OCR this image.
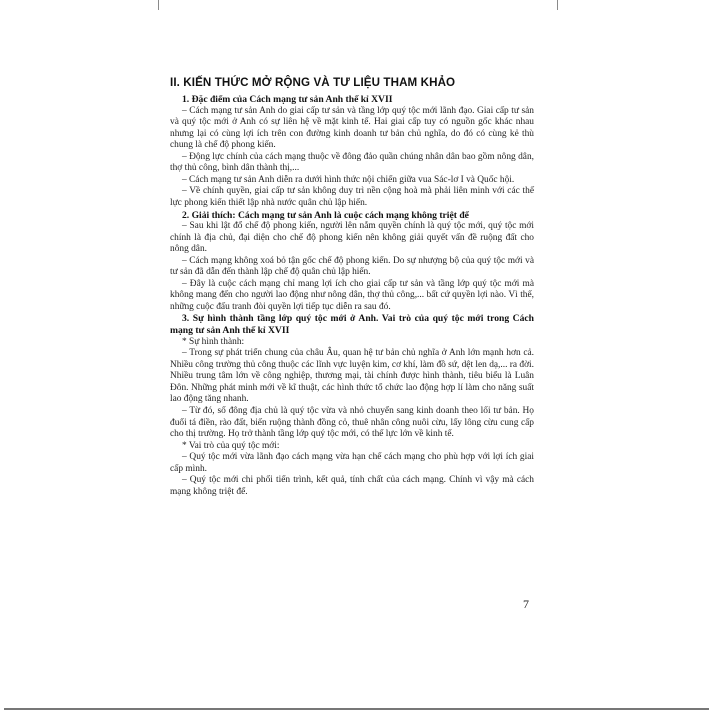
II. KIẾN THỨC MỞ RỘNG VÀ TƯ LIỆU THAM KHẢO

1. Đặc điểm của Cách mạng tư sản Anh thế kỉ XVII

– Cách mạng tư sản Anh do giai cấp tư sản và tầng lớp quý tộc mới lãnh đạo. Giai cấp tư sản và quý tộc mới ở Anh có sự liên hệ về mặt kinh tế. Hai giai cấp tuy có nguồn gốc khác nhau nhưng lại có cùng lợi ích trên con đường kinh doanh tư bản chủ nghĩa, do đó có cùng kẻ thù chung là chế độ phong kiến.

– Động lực chính của cách mạng thuộc về đông đảo quần chúng nhân dân bao gồm nông dân, thợ thủ công, bình dân thành thị,...

– Cách mạng tư sản Anh diễn ra dưới hình thức nội chiến giữa vua Sác-lơ I và Quốc hội.

– Về chính quyền, giai cấp tư sản không duy trì nền cộng hoà mà phải liên minh với các thế lực phong kiến thiết lập nhà nước quân chủ lập hiến.

2. Giải thích: Cách mạng tư sản Anh là cuộc cách mạng không triệt để

– Sau khi lật đổ chế độ phong kiến, người lên nắm quyền chính là quý tộc mới, quý tộc mới chính là địa chủ, đại diện cho chế độ phong kiến nên không giải quyết vấn đề ruộng đất cho nông dân.

– Cách mạng không xoá bỏ tận gốc chế độ phong kiến. Do sự nhượng bộ của quý tộc mới và tư sản đã dẫn đến thành lập chế độ quân chủ lập hiến.

– Đây là cuộc cách mạng chỉ mang lợi ích cho giai cấp tư sản và tầng lớp quý tộc mới mà không mang đến cho người lao động như nông dân, thợ thủ công,... bất cứ quyền lợi nào. Vì thế, những cuộc đấu tranh đòi quyền lợi tiếp tục diễn ra sau đó.

3. Sự hình thành tầng lớp quý tộc mới ở Anh. Vai trò của quý tộc mới trong Cách mạng tư sản Anh thế kỉ XVII

* Sự hình thành:

– Trong sự phát triển chung của châu Âu, quan hệ tư bản chủ nghĩa ở Anh lớn mạnh hơn cả. Nhiều công trường thủ công thuộc các lĩnh vực luyện kim, cơ khí, làm đồ sứ, dệt len dạ,... ra đời. Nhiều trung tâm lớn về công nghiệp, thương mại, tài chính được hình thành, tiêu biểu là Luân Đôn. Những phát minh mới về kĩ thuật, các hình thức tổ chức lao động hợp lí làm cho năng suất lao động tăng nhanh.

– Từ đó, số đông địa chủ là quý tộc vừa và nhỏ chuyển sang kinh doanh theo lối tư bản. Họ đuổi tá điền, rào đất, biến ruộng thành đồng cỏ, thuê nhân công nuôi cừu, lấy lông cừu cung cấp cho thị trường. Họ trở thành tầng lớp quý tộc mới, có thế lực lớn về kinh tế.

* Vai trò của quý tộc mới:

– Quý tộc mới vừa lãnh đạo cách mạng vừa hạn chế cách mạng cho phù hợp với lợi ích giai cấp mình.

– Quý tộc mới chi phối tiến trình, kết quả, tính chất của cách mạng. Chính vì vậy mà cách mạng không triệt để.

7
